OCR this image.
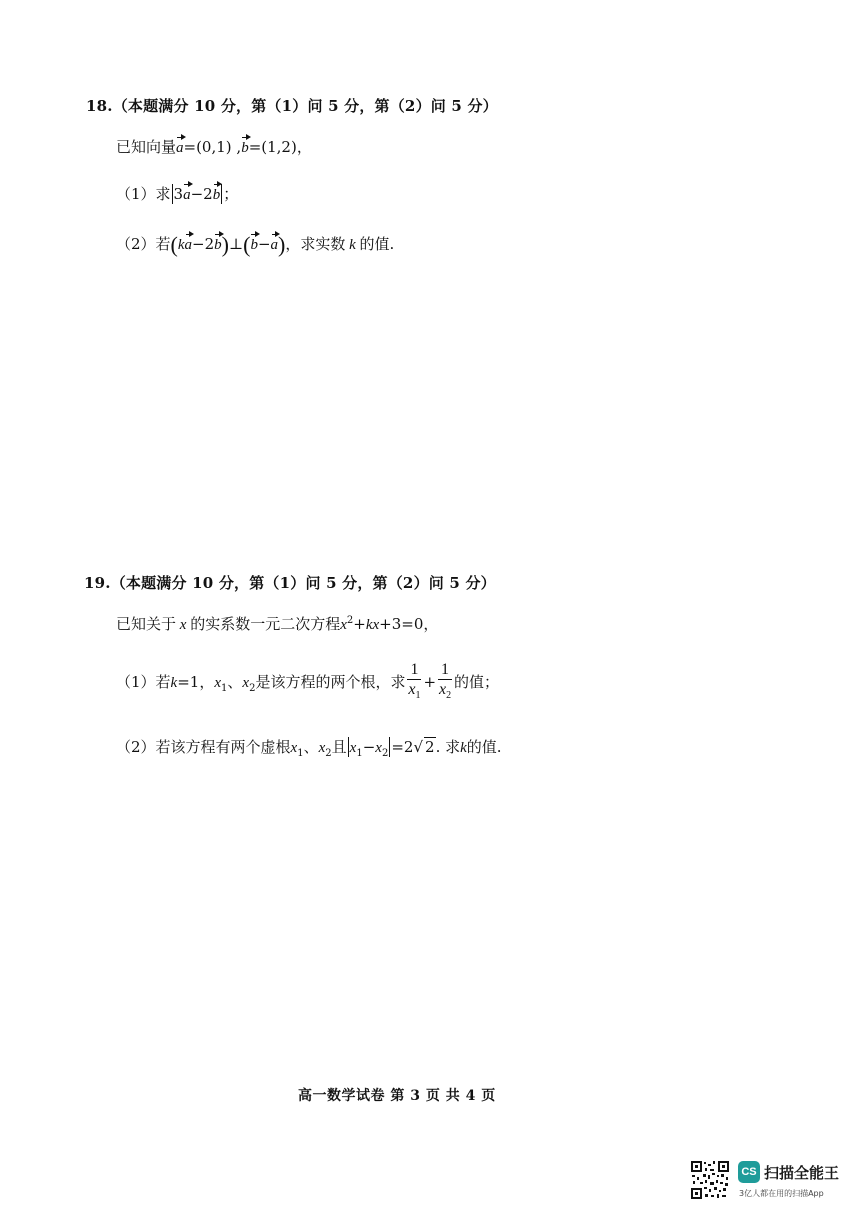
18.（本题满分 10 分，第（1）问 5 分，第（2）问 5 分）
已知向量a=(0,1) ,b=(1,2)，
（1）求 3a−2b ；
（2）若(ka−2b)⊥(b−a)，求实数 k 的值.
19.（本题满分 10 分，第（1）问 5 分，第（2）问 5 分）
已知关于 x 的实系数一元二次方程$x^2+kx+3=0$，
（1）若k=1，$x_1$、$x_2$是该方程的两个根，求 $\frac{1}{x_1} + \frac{1}{x_2}$ 的值；
（2）若该方程有两个虚根$x_1$、$x_2$且 $x_1-x_2 =2√$ 2. 求k的值.
高一数学试卷 第 3 页 共 4 页
CS 扫描全能王
3亿人都在用的扫描App
